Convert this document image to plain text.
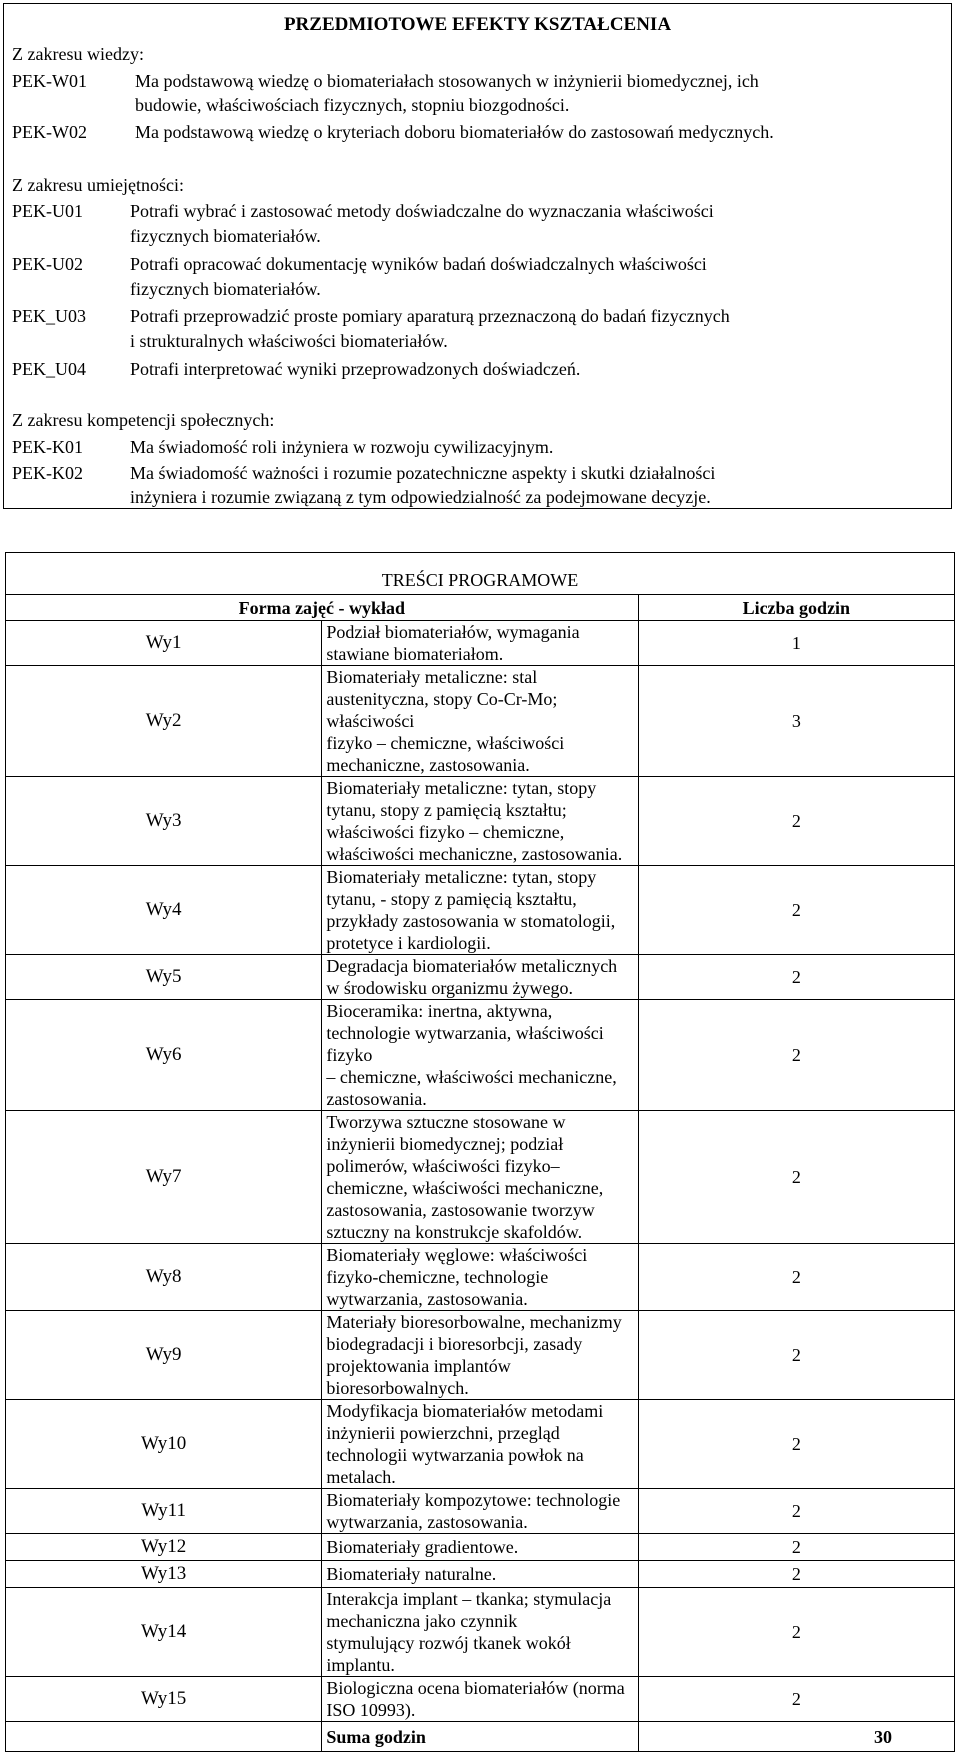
PRZEDMIOTOWE EFEKTY KSZTAŁCENIA
Z zakresu wiedzy:
PEK-W01	Ma podstawową wiedzę o biomateriałach stosowanych w inżynierii biomedycznej, ich
budowie, właściwościach fizycznych, stopniu biozgodności.
PEK-W02	Ma podstawową wiedzę o kryteriach doboru biomateriałów do zastosowań medycznych.
Z zakresu umiejętności:
PEK-U01	Potrafi wybrać i zastosować metody doświadczalne do wyznaczania właściwości
fizycznych biomateriałów.
PEK-U02	Potrafi opracować dokumentację wyników badań doświadczalnych właściwości
fizycznych biomateriałów.
PEK_U03 Potrafi przeprowadzić proste pomiary aparaturą przeznaczoną do badań fizycznych
i strukturalnych właściwości biomateriałów.
PEK_U04 Potrafi interpretować wyniki przeprowadzonych doświadczeń.
Z zakresu kompetencji społecznych:
PEK-K01	Ma świadomość roli inżyniera w rozwoju cywilizacyjnym.
PEK-K02	Ma świadomość ważności i rozumie pozatechniczne aspekty i skutki działalności
inżyniera i rozumie związaną z tym odpowiedzialność za podejmowane decyzje.
TREŚCI PROGRAMOWE		
Forma zajęć - wykład		Liczba godzin
Wy1	Podział biomateriałów, wymagania stawiane biomateriałom.	1
Wy2	Biomateriały metaliczne: stal austenityczna, stopy Co-Cr-Mo; właściwości
fizyko – chemiczne, właściwości mechaniczne, zastosowania.	3
Wy3	Biomateriały metaliczne: tytan, stopy tytanu, stopy z pamięcią kształtu;
właściwości fizyko – chemiczne, właściwości mechaniczne, zastosowania.	2
Wy4	Biomateriały metaliczne: tytan, stopy tytanu, - stopy z pamięcią kształtu,
przykłady zastosowania w stomatologii, protetyce i kardiologii.	2
Wy5	Degradacja biomateriałów metalicznych w środowisku organizmu żywego.	2
Wy6	Bioceramika: inertna, aktywna, technologie wytwarzania, właściwości fizyko
– chemiczne, właściwości mechaniczne, zastosowania.	2
Wy7	Tworzywa sztuczne stosowane w inżynierii biomedycznej; podział
polimerów, właściwości fizyko–chemiczne, właściwości mechaniczne,
zastosowania, zastosowanie tworzyw sztuczny na konstrukcje skafoldów.	2
Wy8	Biomateriały węglowe: właściwości fizyko-chemiczne, technologie
wytwarzania, zastosowania.	2
Wy9	Materiały bioresorbowalne, mechanizmy biodegradacji i bioresorbcji, zasady
projektowania implantów bioresorbowalnych.	2
Wy10	Modyfikacja biomateriałów metodami inżynierii powierzchni, przegląd
technologii wytwarzania powłok na metalach.	2
Wy11	Biomateriały kompozytowe: technologie wytwarzania, zastosowania.	2
Wy12	Biomateriały gradientowe.	2
Wy13	Biomateriały naturalne.	2
Wy14	Interakcja implant – tkanka; stymulacja mechaniczna jako czynnik
stymulujący rozwój tkanek wokół implantu.	2
Wy15	Biologiczna ocena biomateriałów (norma ISO 10993).	2
	Suma godzin	30
